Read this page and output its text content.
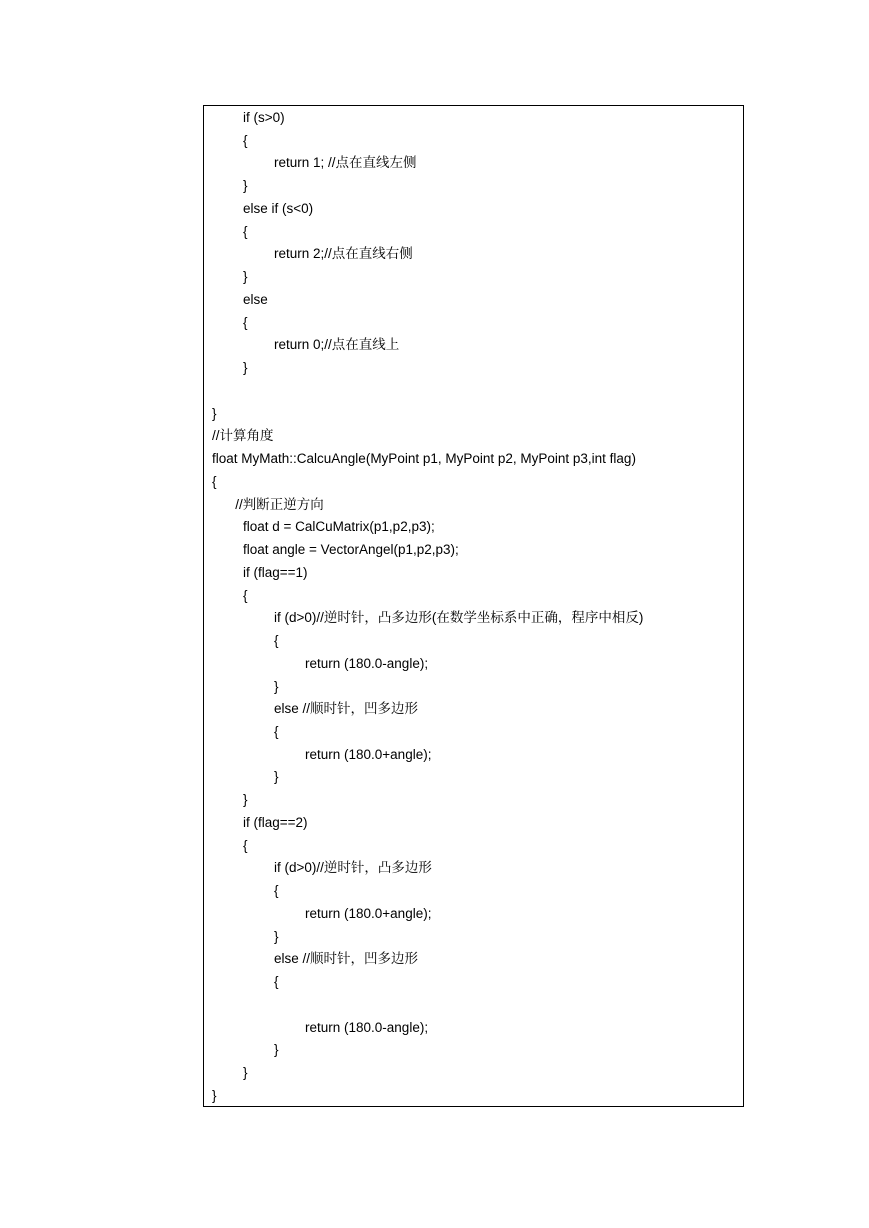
if (s>0)
{
return 1; //点在直线左侧
}
else if (s<0)
{
return 2;//点在直线右侧
}
else
{
return 0;//点在直线上
}
}
//计算角度
float MyMath::CalcuAngle(MyPoint p1, MyPoint p2, MyPoint p3,int flag)
{
//判断正逆方向
float d = CalCuMatrix(p1,p2,p3);
float angle = VectorAngel(p1,p2,p3);
if (flag==1)
{
if (d>0)//逆时针，凸多边形(在数学坐标系中正确，程序中相反)
{
return (180.0-angle);
}
else //顺时针，凹多边形
{
return (180.0+angle);
}
}
if (flag==2)
{
if (d>0)//逆时针，凸多边形
{
return (180.0+angle);
}
else //顺时针，凹多边形
{
return (180.0-angle);
}
}
}
